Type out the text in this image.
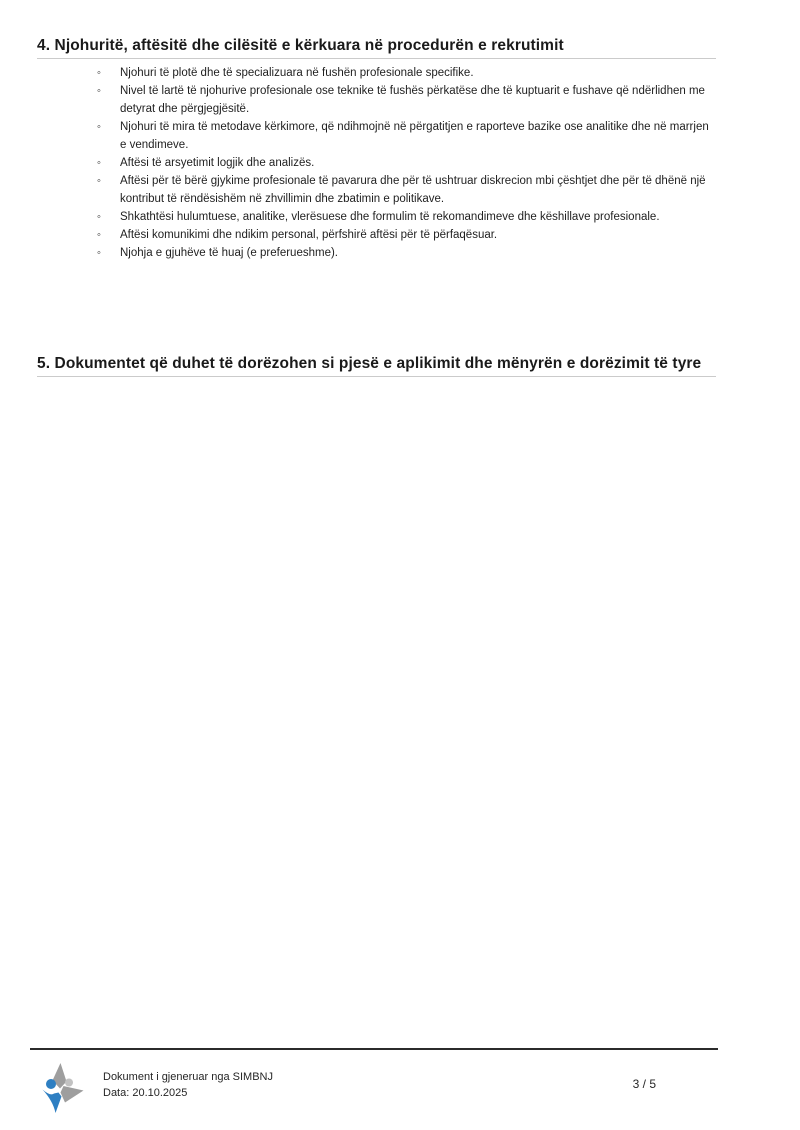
4. Njohuritë, aftësitë dhe cilësitë e kërkuara në procedurën e rekrutimit
◦	Njohuri të plotë dhe të specializuara në fushën profesionale specifike.
◦	Nivel të lartë të njohurive profesionale ose teknike të fushës përkatëse dhe të kuptuarit e fushave që ndërlidhen me detyrat dhe përgjegjësitë.
◦	Njohuri të mira të metodave kërkimore, që ndihmojnë në përgatitjen e raporteve bazike ose analitike dhe në marrjen e vendimeve.
◦	Aftësi të arsyetimit logjik dhe analizës.
◦	Aftësi për të bërë gjykime profesionale të pavarura dhe për të ushtruar diskrecion mbi çështjet dhe për të dhënë një kontribut të rëndësishëm në zhvillimin dhe zbatimin e politikave.
◦	Shkathtësi hulumtuese, analitike, vlerësuese dhe formulim të rekomandimeve dhe këshillave profesionale.
◦	Aftësi komunikimi dhe ndikim personal, përfshirë aftësi për të përfaqësuar.
◦	Njohja e gjuhëve të huaj (e preferueshme).
5. Dokumentet që duhet të dorëzohen si pjesë e aplikimit dhe mënyrën e dorëzimit të tyre
Dokument i gjeneruar nga SIMBNJ
Data: 20.10.2025
3 / 5
